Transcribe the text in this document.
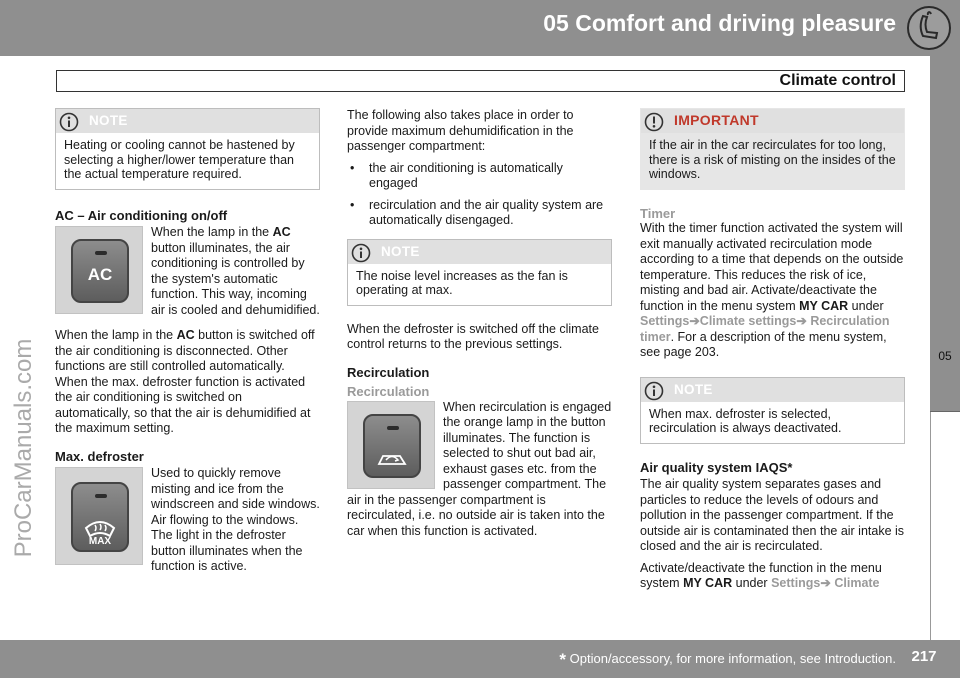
05 Comfort and driving pleasure
Climate control
05
ProCarManuals.com
NOTE
Heating or cooling cannot be hastened by selecting a higher/lower temperature than the actual temperature required.
AC – Air conditioning on/off
AC

When the lamp in the AC button illuminates, the air conditioning is controlled by the system's automatic function. This way, incoming air is cooled and dehumidified.

When the lamp in the AC button is switched off the air conditioning is disconnected. Other functions are still controlled automatically. When the max. defroster function is activated the air conditioning is switched on automatically, so that the air is dehumidified at the maximum setting.

Max. defroster
MAX

Used to quickly remove misting and ice from the windscreen and side windows. Air flowing to the windows. The light in the defroster button illuminates when the function is active.

The following also takes place in order to provide maximum dehumidification in the passenger compartment:

• the air conditioning is automatically engaged
• recirculation and the air quality system are automatically disengaged.
NOTE
The noise level increases as the fan is operating at max.

When the defroster is switched off the climate control returns to the previous settings.

Recirculation
Recirculation

When recirculation is engaged the orange lamp in the button illuminates. The function is selected to shut out bad air, exhaust gases etc. from the passenger compartment. The air in the passenger compartment is recirculated, i.e. no outside air is taken into the car when this function is activated.

IMPORTANT
If the air in the car recirculates for too long, there is a risk of misting on the insides of the windows.
Timer

With the timer function activated the system will exit manually activated recirculation mode according to a time that depends on the outside temperature. This reduces the risk of ice, misting and bad air. Activate/deactivate the function in the menu system MY CAR under Settings➔Climate settings➔ Recirculation timer. For a description of the menu system, see page 203.

NOTE
When max. defroster is selected, recirculation is always deactivated.
Air quality system IAQS*

The air quality system separates gases and particles to reduce the levels of odours and pollution in the passenger compartment. If the outside air is contaminated then the air intake is closed and the air is recirculated.

Activate/deactivate the function in the menu system MY CAR under Settings➔ Climate

* Option/accessory, for more information, see Introduction.	217
